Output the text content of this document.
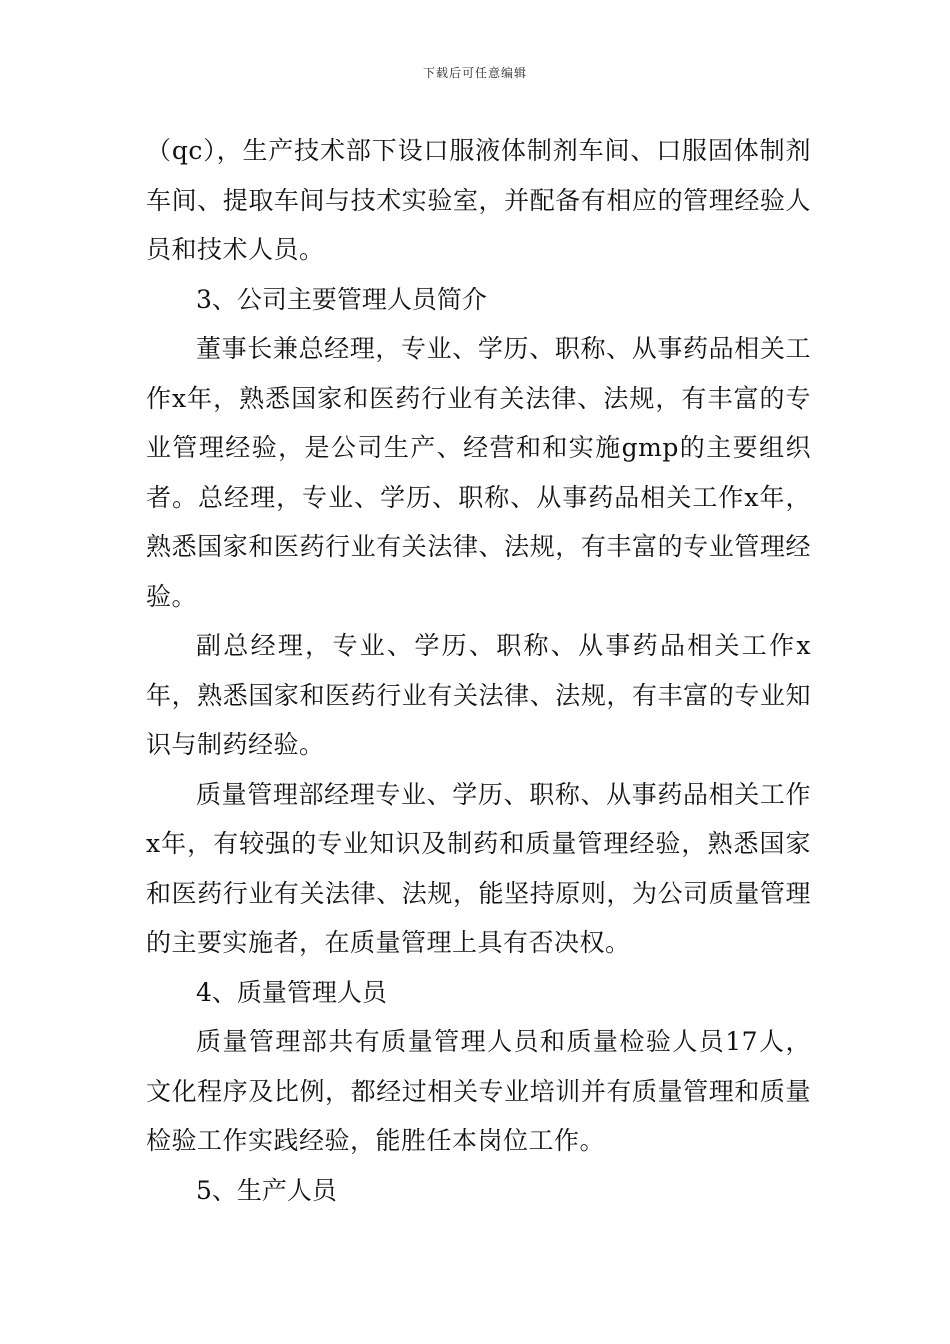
下载后可任意编辑

（qc），生产技术部下设口服液体制剂车间、口服固体制剂车间、提取车间与技术实验室，并配备有相应的管理经验人员和技术人员。

3、公司主要管理人员简介

董事长兼总经理，专业、学历、职称、从事药品相关工作x年，熟悉国家和医药行业有关法律、法规，有丰富的专业管理经验，是公司生产、经营和和实施gmp的主要组织者。总经理，专业、学历、职称、从事药品相关工作x年，熟悉国家和医药行业有关法律、法规，有丰富的专业管理经验。

副总经理，专业、学历、职称、从事药品相关工作x年，熟悉国家和医药行业有关法律、法规，有丰富的专业知识与制药经验。

质量管理部经理专业、学历、职称、从事药品相关工作x年，有较强的专业知识及制药和质量管理经验，熟悉国家和医药行业有关法律、法规，能坚持原则，为公司质量管理的主要实施者，在质量管理上具有否决权。

4、质量管理人员

质量管理部共有质量管理人员和质量检验人员17人，文化程序及比例，都经过相关专业培训并有质量管理和质量检验工作实践经验，能胜任本岗位工作。

5、生产人员
